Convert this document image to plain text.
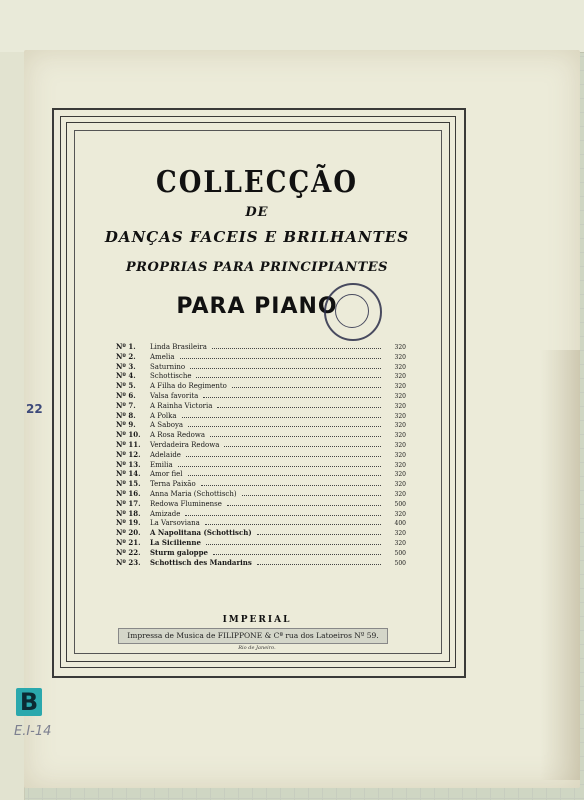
COLLECÇÃO
DE
DANÇAS FACEIS E BRILHANTES
PROPRIAS PARA PRINCIPIANTES
PARA PIANO
Nº 1.	Linda Brasileira	320
Nº 2.	Amelia	320
Nº 3.	Saturnino	320
Nº 4.	Schottische	320
Nº 5.	A Filha do Regimento	320
Nº 6.	Valsa favorita	320
Nº 7.	A Rainha Victoria	320
Nº 8.	A Polka	320
Nº 9.	A Saboya	320
Nº 10.	A Rosa Redowa	320
Nº 11.	Verdadeira Redowa	320
Nº 12.	Adelaide	320
Nº 13.	Emilia	320
Nº 14.	Amor fiel	320
Nº 15.	Terna Paixão	320
Nº 16.	Anna Maria (Schottisch)	320
Nº 17.	Redowa Fluminense	500
Nº 18.	Amizade	320
Nº 19.	La Varsoviana	400
Nº 20.	A Napolitana (Schottisch)	320
Nº 21.	La Sicilienne	320
Nº 22.	Sturm galoppe	500
Nº 23.	Schottisch des Mandarins	500
IMPERIAL
Impressa de Musica de FILIPPONE & Cª rua dos Latoeiros Nº 59.
Rio de Janeiro.
22
B
E.I-14
